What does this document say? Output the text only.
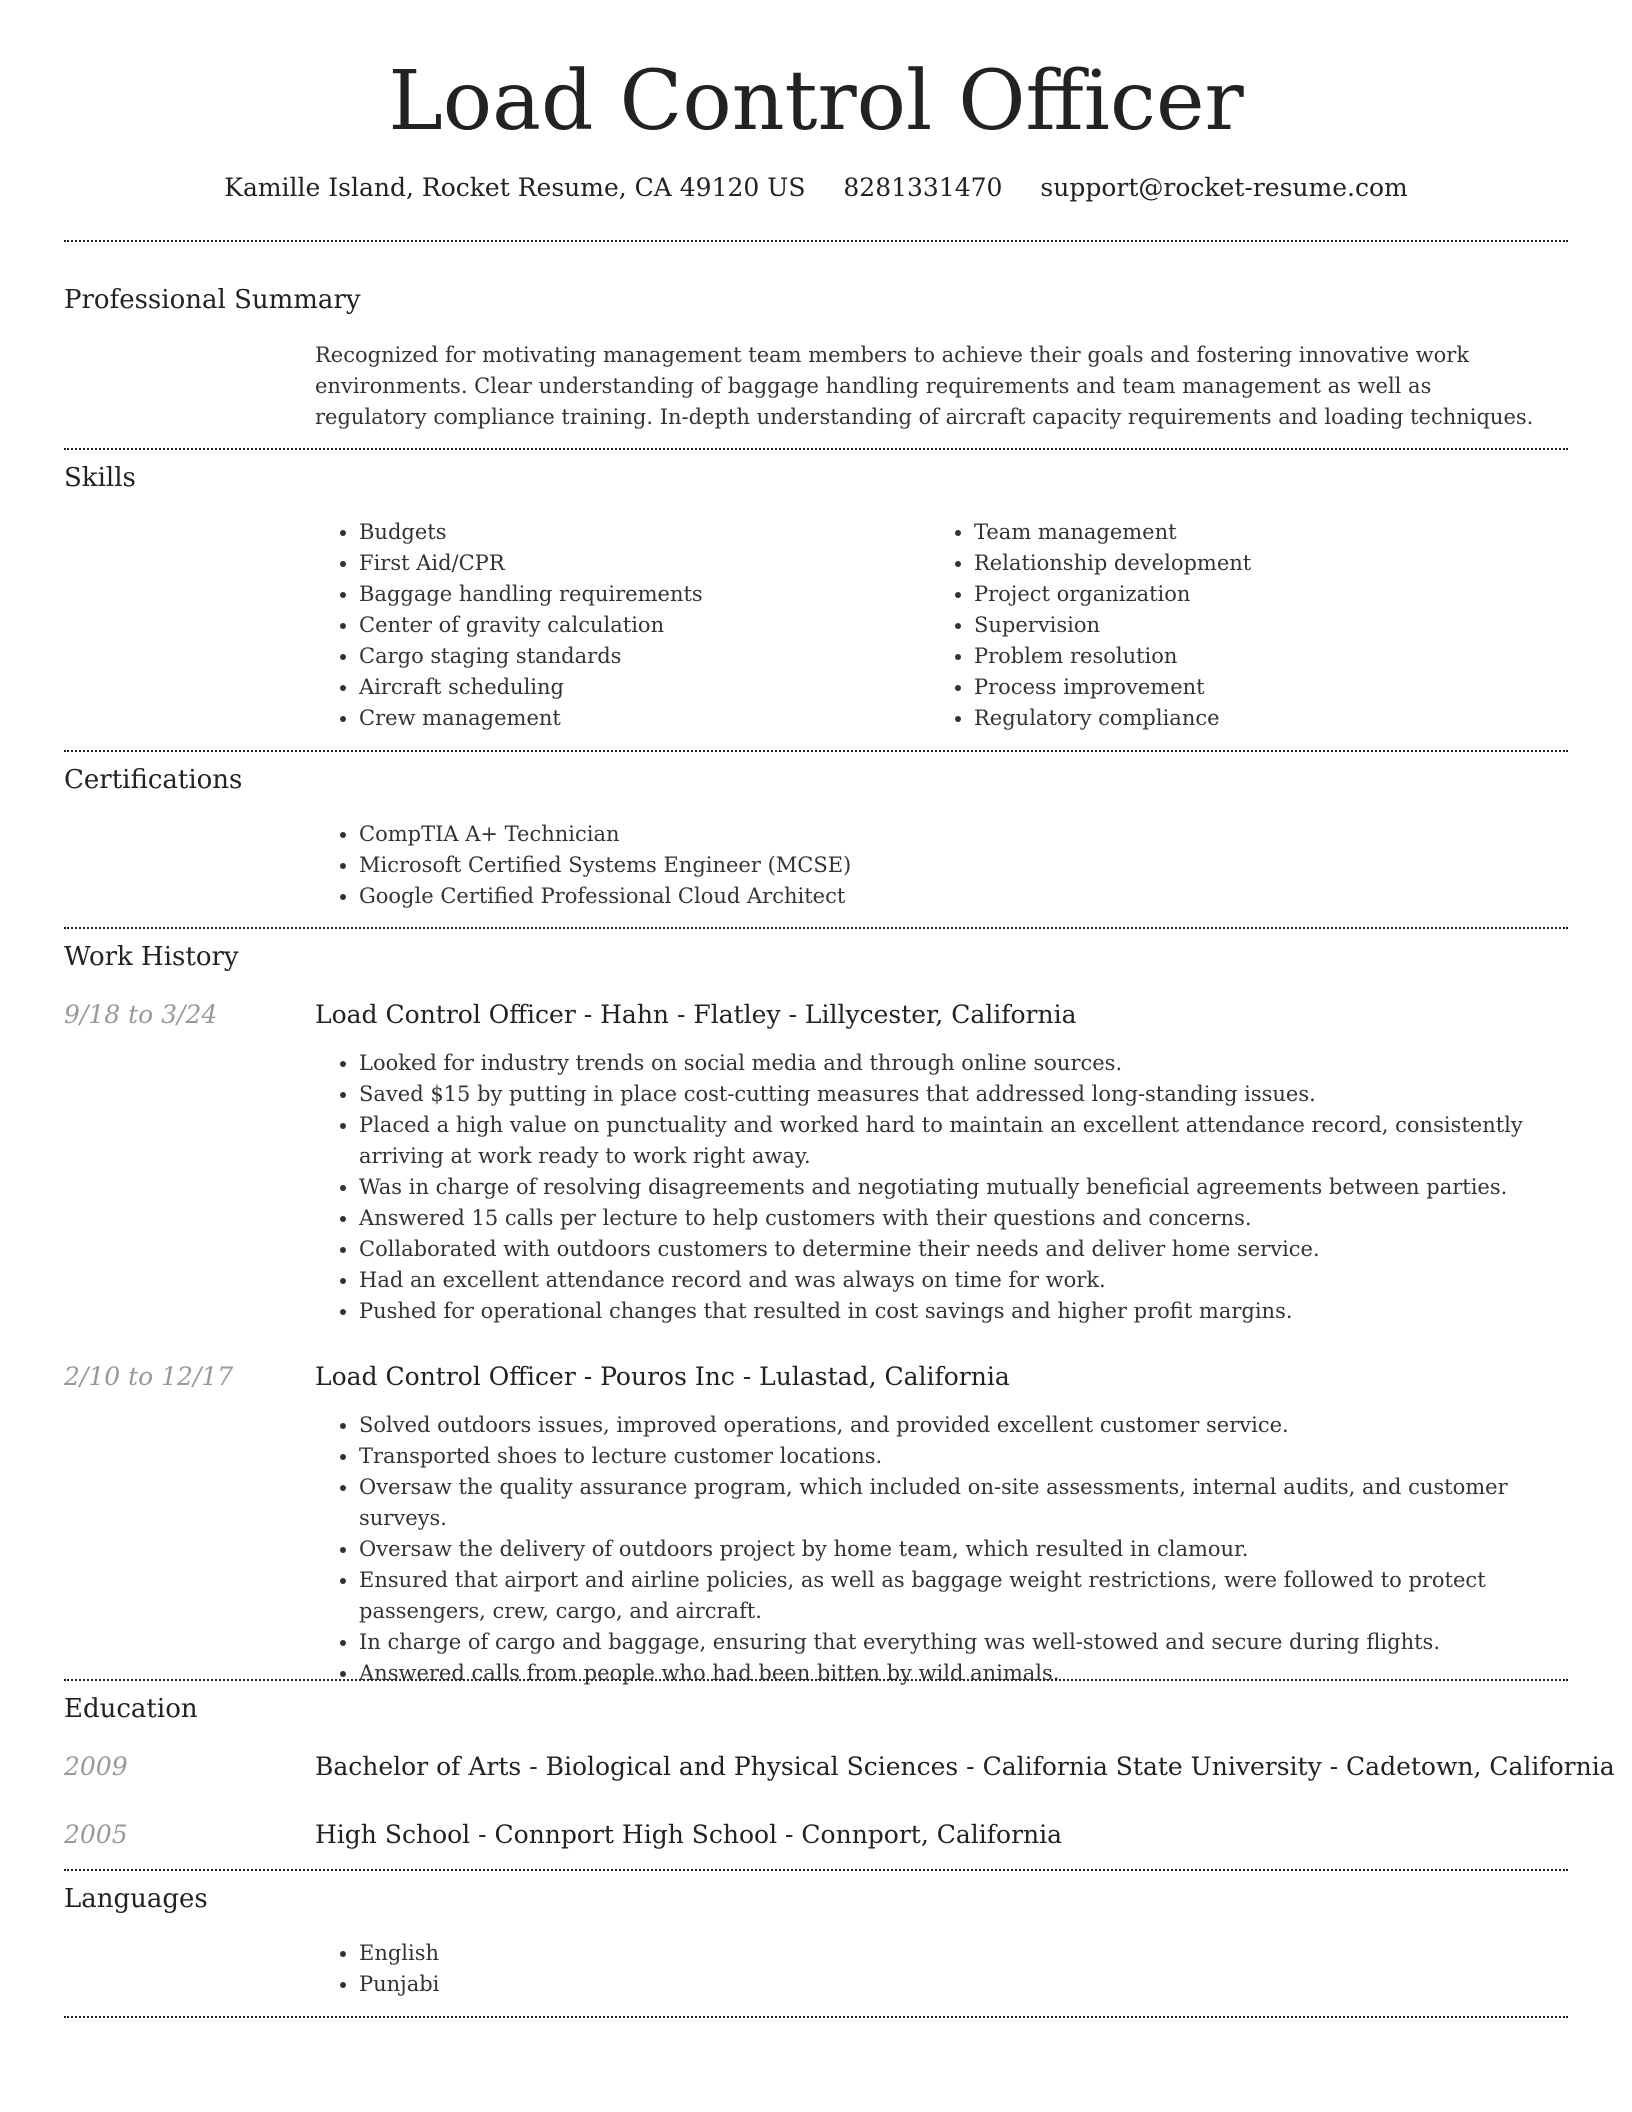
Load Control Officer
Kamille Island, Rocket Resume, CA 49120 US 8281331470 support@rocket-resume.com
Professional Summary

Recognized for motivating management team members to achieve their goals and fostering innovative work environments. Clear understanding of baggage handling requirements and team management as well as regulatory compliance training. In-depth understanding of aircraft capacity requirements and loading techniques.

Skills
• Budgets
• First Aid/CPR
• Baggage handling requirements
• Center of gravity calculation
• Cargo staging standards
• Aircraft scheduling
• Crew management
• Team management
• Relationship development
• Project organization
• Supervision
• Problem resolution
• Process improvement
• Regulatory compliance
Certifications
• CompTIA A+ Technician
• Microsoft Certified Systems Engineer (MCSE)
• Google Certified Professional Cloud Architect
Work History
9/18 to 3/24	Load Control Officer - Hahn - Flatley - Lillycester, California
• Looked for industry trends on social media and through online sources.
• Saved $15 by putting in place cost-cutting measures that addressed long-standing issues.
• Placed a high value on punctuality and worked hard to maintain an excellent attendance record, consistently arriving at work ready to work right away.
• Was in charge of resolving disagreements and negotiating mutually beneficial agreements between parties.
• Answered 15 calls per lecture to help customers with their questions and concerns.
• Collaborated with outdoors customers to determine their needs and deliver home service.
• Had an excellent attendance record and was always on time for work.
• Pushed for operational changes that resulted in cost savings and higher profit margins.
2/10 to 12/17	Load Control Officer - Pouros Inc - Lulastad, California
• Solved outdoors issues, improved operations, and provided excellent customer service.
• Transported shoes to lecture customer locations.
• Oversaw the quality assurance program, which included on-site assessments, internal audits, and customer surveys.
• Oversaw the delivery of outdoors project by home team, which resulted in clamour.
• Ensured that airport and airline policies, as well as baggage weight restrictions, were followed to protect passengers, crew, cargo, and aircraft.
• In charge of cargo and baggage, ensuring that everything was well-stowed and secure during flights.
• Answered calls from people who had been bitten by wild animals.
Education
2009	Bachelor of Arts - Biological and Physical Sciences - California State University - Cadetown, California
2005	High School - Connport High School - Connport, California
Languages
• English
• Punjabi
